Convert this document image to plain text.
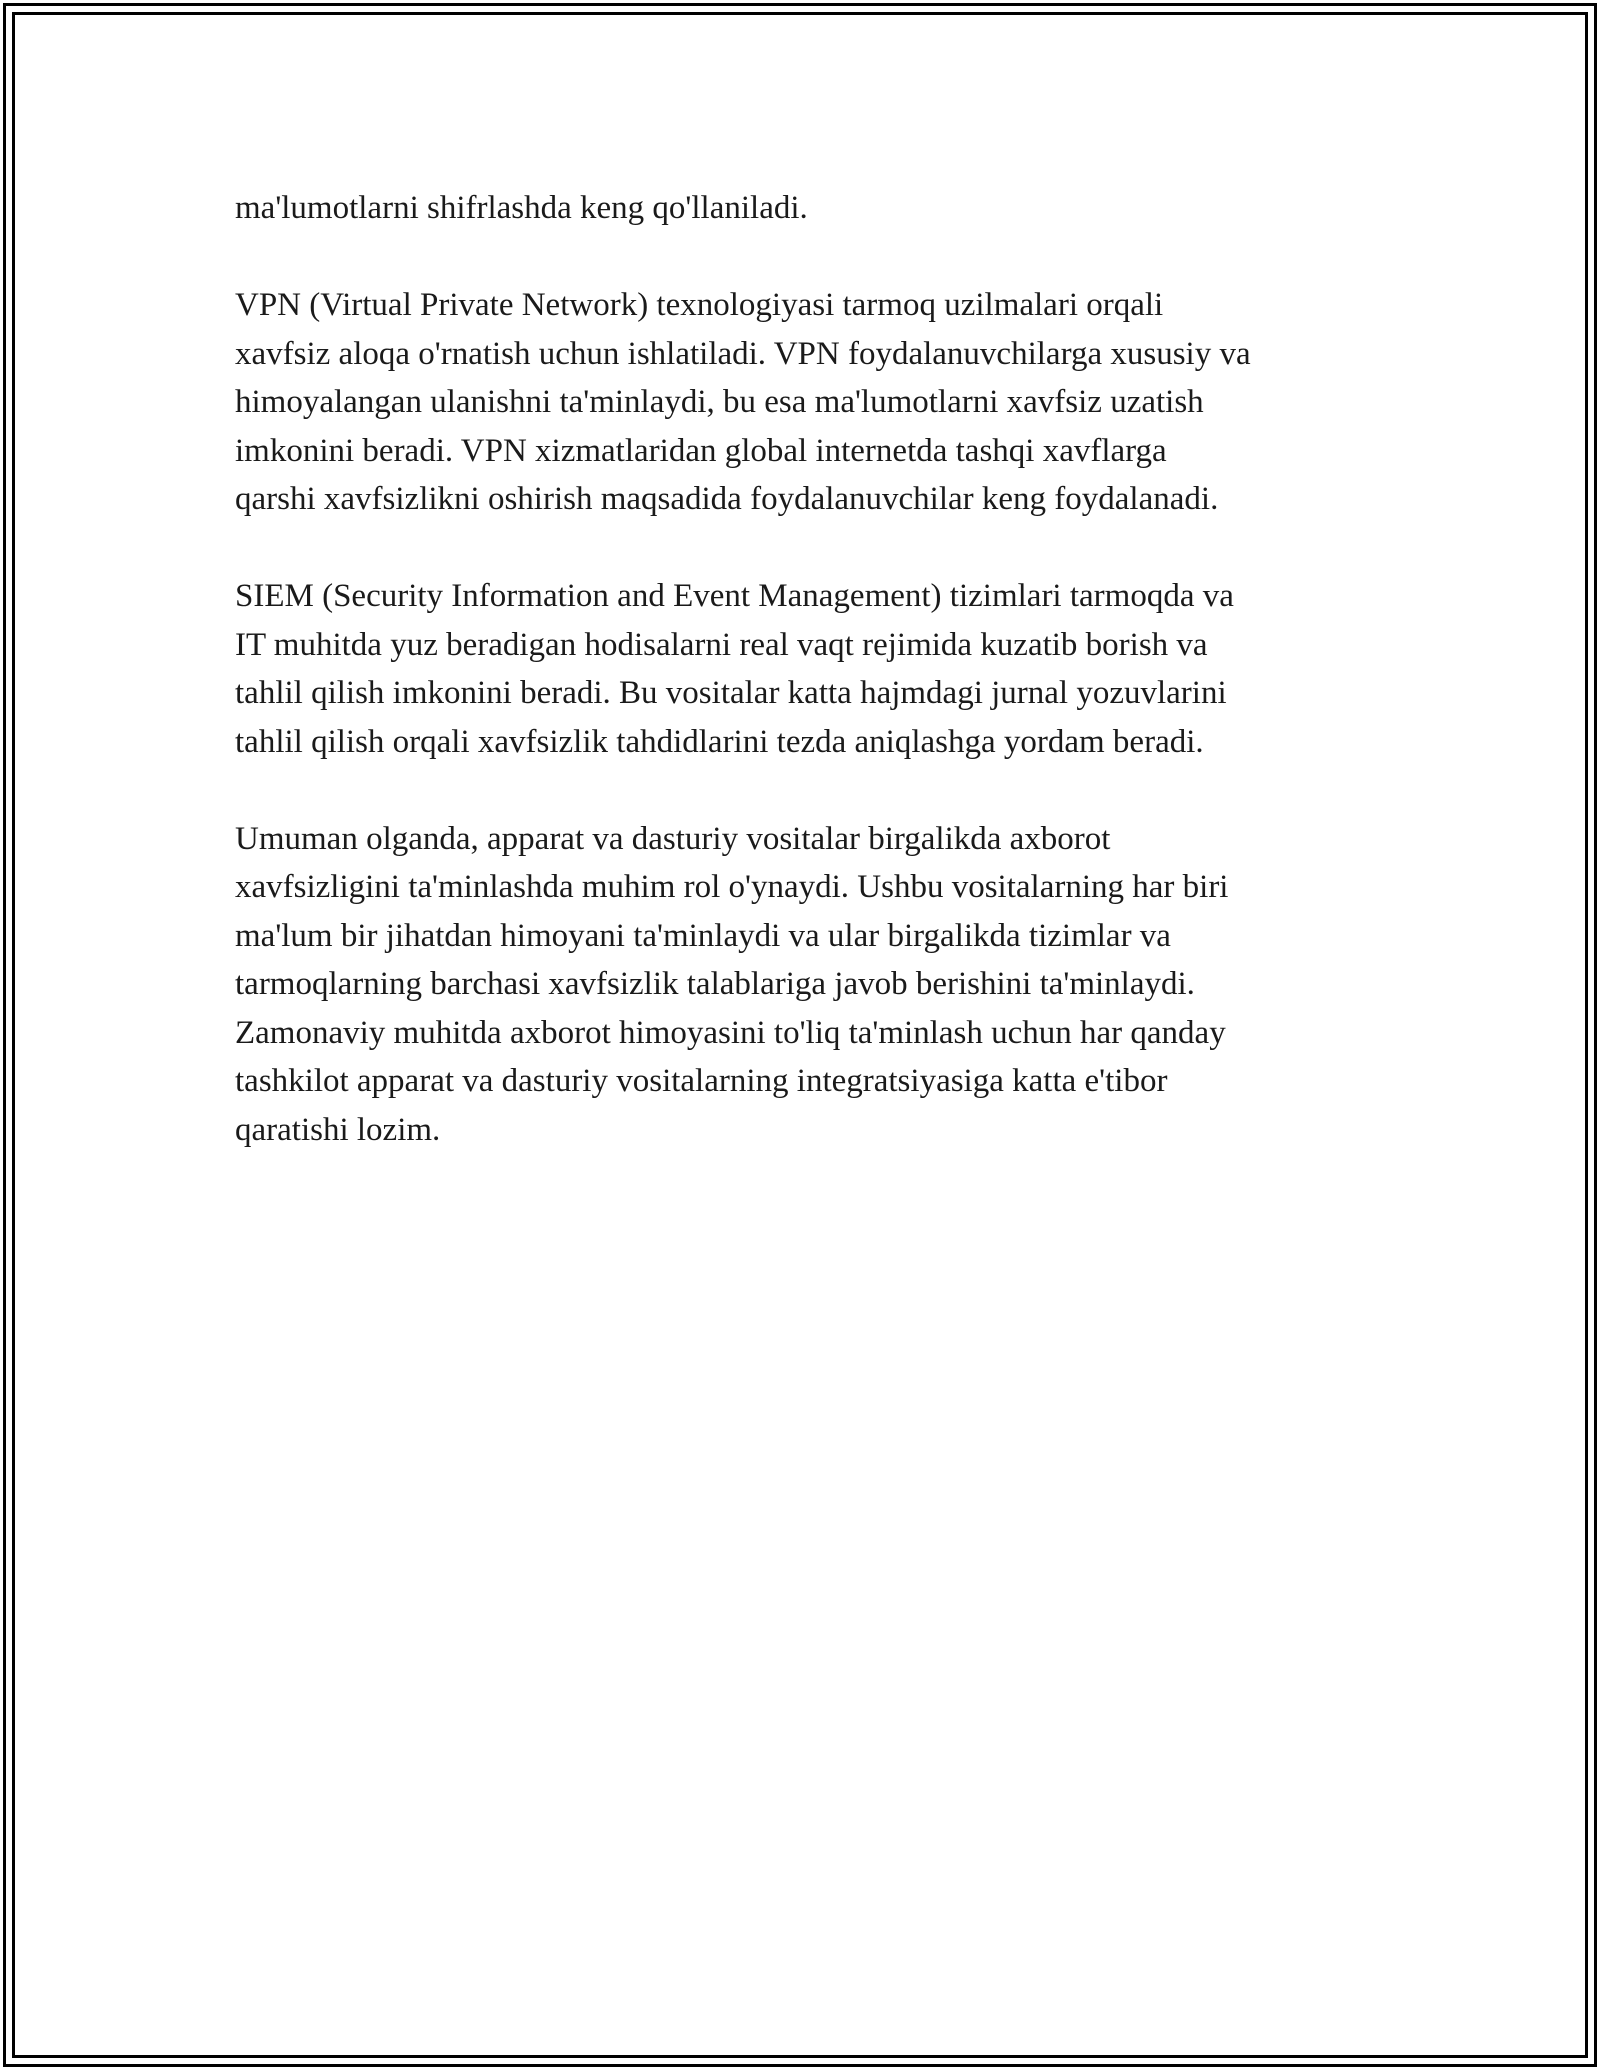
ma'lumotlarni shifrlashda keng qo'llaniladi.

VPN (Virtual Private Network) texnologiyasi tarmoq uzilmalari orqali
xavfsiz aloqa o'rnatish uchun ishlatiladi. VPN foydalanuvchilarga xususiy va
himoyalangan ulanishni ta'minlaydi, bu esa ma'lumotlarni xavfsiz uzatish
imkonini beradi. VPN xizmatlaridan global internetda tashqi xavflarga
qarshi xavfsizlikni oshirish maqsadida foydalanuvchilar keng foydalanadi.

SIEM (Security Information and Event Management) tizimlari tarmoqda va
IT muhitda yuz beradigan hodisalarni real vaqt rejimida kuzatib borish va
tahlil qilish imkonini beradi. Bu vositalar katta hajmdagi jurnal yozuvlarini
tahlil qilish orqali xavfsizlik tahdidlarini tezda aniqlashga yordam beradi.

Umuman olganda, apparat va dasturiy vositalar birgalikda axborot
xavfsizligini ta'minlashda muhim rol o'ynaydi. Ushbu vositalarning har biri
ma'lum bir jihatdan himoyani ta'minlaydi va ular birgalikda tizimlar va
tarmoqlarning barchasi xavfsizlik talablariga javob berishini ta'minlaydi.
Zamonaviy muhitda axborot himoyasini to'liq ta'minlash uchun har qanday
tashkilot apparat va dasturiy vositalarning integratsiyasiga katta e'tibor
qaratishi lozim.
